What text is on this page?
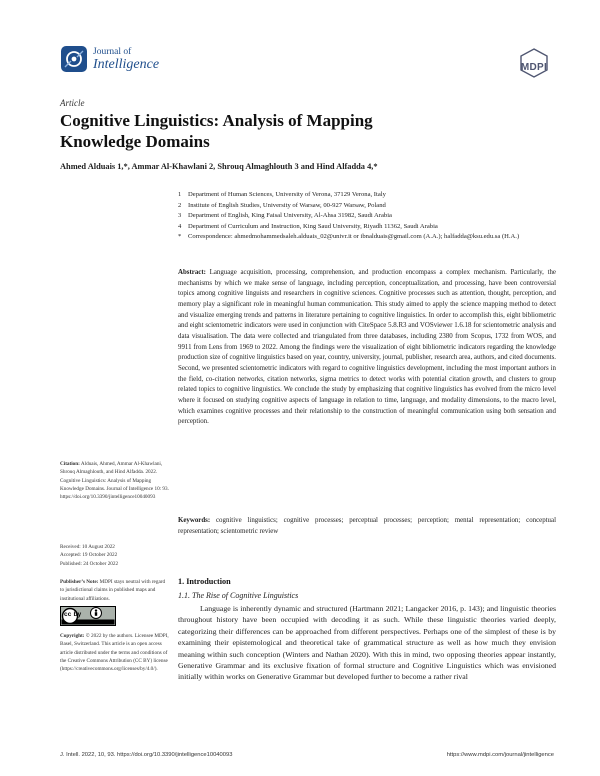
Journal of
Intelligence	MDPI
Article
Cognitive Linguistics: Analysis of Mapping Knowledge Domains
Ahmed Alduais 1,*, Ammar Al-Khawlani 2, Shrouq Almaghlouth 3 and Hind Alfadda 4,*
1	Department of Human Sciences, University of Verona, 37129 Verona, Italy
2	Institute of English Studies, University of Warsaw, 00-927 Warsaw, Poland
3	Department of English, King Faisal University, Al-Ahsa 31982, Saudi Arabia
4	Department of Curriculum and Instruction, King Saud University, Riyadh 11362, Saudi Arabia
*	Correspondence: ahmedmohammedsaleh.alduais_02@univr.it or ibnalduais@gmail.com (A.A.); halfadda@ksu.edu.sa (H.A.)
Abstract: Language acquisition, processing, comprehension, and production encompass a complex mechanism. Particularly, the mechanisms by which we make sense of language, including perception, conceptualization, and processing, have been controversial topics among cognitive linguists and researchers in cognitive sciences. Cognitive processes such as attention, thought, perception, and memory play a significant role in meaningful human communication. This study aimed to apply the science mapping method to detect and visualize emerging trends and patterns in literature pertaining to cognitive linguistics. In order to accomplish this, eight bibliometric and eight scientometric indicators were used in conjunction with CiteSpace 5.8.R3 and VOSviewer 1.6.18 for scientometric analysis and data visualisation. The data were collected and triangulated from three databases, including 2380 from Scopus, 1732 from WOS, and 9911 from Lens from 1969 to 2022. Among the findings were the visualization of eight bibliometric indicators regarding the knowledge production size of cognitive linguistics based on year, country, university, journal, publisher, research area, authors, and cited documents. Second, we presented scientometric indicators with regard to cognitive linguistics development, including the most important authors in the field, co-citation networks, citation networks, sigma metrics to detect works with potential citation growth, and clusters to group related topics to cognitive linguistics. We conclude the study by emphasizing that cognitive linguistics has evolved from the micro level where it focused on studying cognitive aspects of language in relation to time, language, and modality dimensions, to the macro level, which examines cognitive processes and their relationship to the construction of meaningful communication using both sensation and perception.
Keywords: cognitive linguistics; cognitive processes; perceptual processes; perception; mental representation; conceptual representation; scientometric review
Citation: Alduais, Ahmed, Ammar Al-Khawlani, Shrouq Almaghlouth, and Hind Alfadda. 2022. Cognitive Linguistics: Analysis of Mapping Knowledge Domains. Journal of Intelligence 10: 93. https://doi.org/10.3390/jintelligence10040093
Received: 10 August 2022
Accepted: 19 October 2022
Published: 24 October 2022
Publisher’s Note: MDPI stays neutral with regard to jurisdictional claims in published maps and institutional affiliations.
cc by
Copyright: © 2022 by the authors. Licensee MDPI, Basel, Switzerland. This article is an open access article distributed under the terms and conditions of the Creative Commons Attribution (CC BY) license (https://creativecommons.org/licenses/by/4.0/).
1. Introduction
1.1. The Rise of Cognitive Linguistics
Language is inherently dynamic and structured (Hartmann 2021; Langacker 2016, p. 143); and linguistic theories throughout history have been occupied with decoding it as such. While these linguistic theories varied deeply, categorizing their differences can be approached from different perspectives. Perhaps one of the simplest of these is by examining their epistemological and theoretical take of grammatical structure as well as how much they envision meaning within such conception (Winters and Nathan 2020). With this in mind, two opposing theories appear instantly, Generative Grammar and its exclusive fixation of formal structure and Cognitive Linguistics which was envisioned initially within works on Generative Grammar but developed further to become a rather rival
J. Intell. 2022, 10, 93. https://doi.org/10.3390/jintelligence10040093	https://www.mdpi.com/journal/jintelligence
